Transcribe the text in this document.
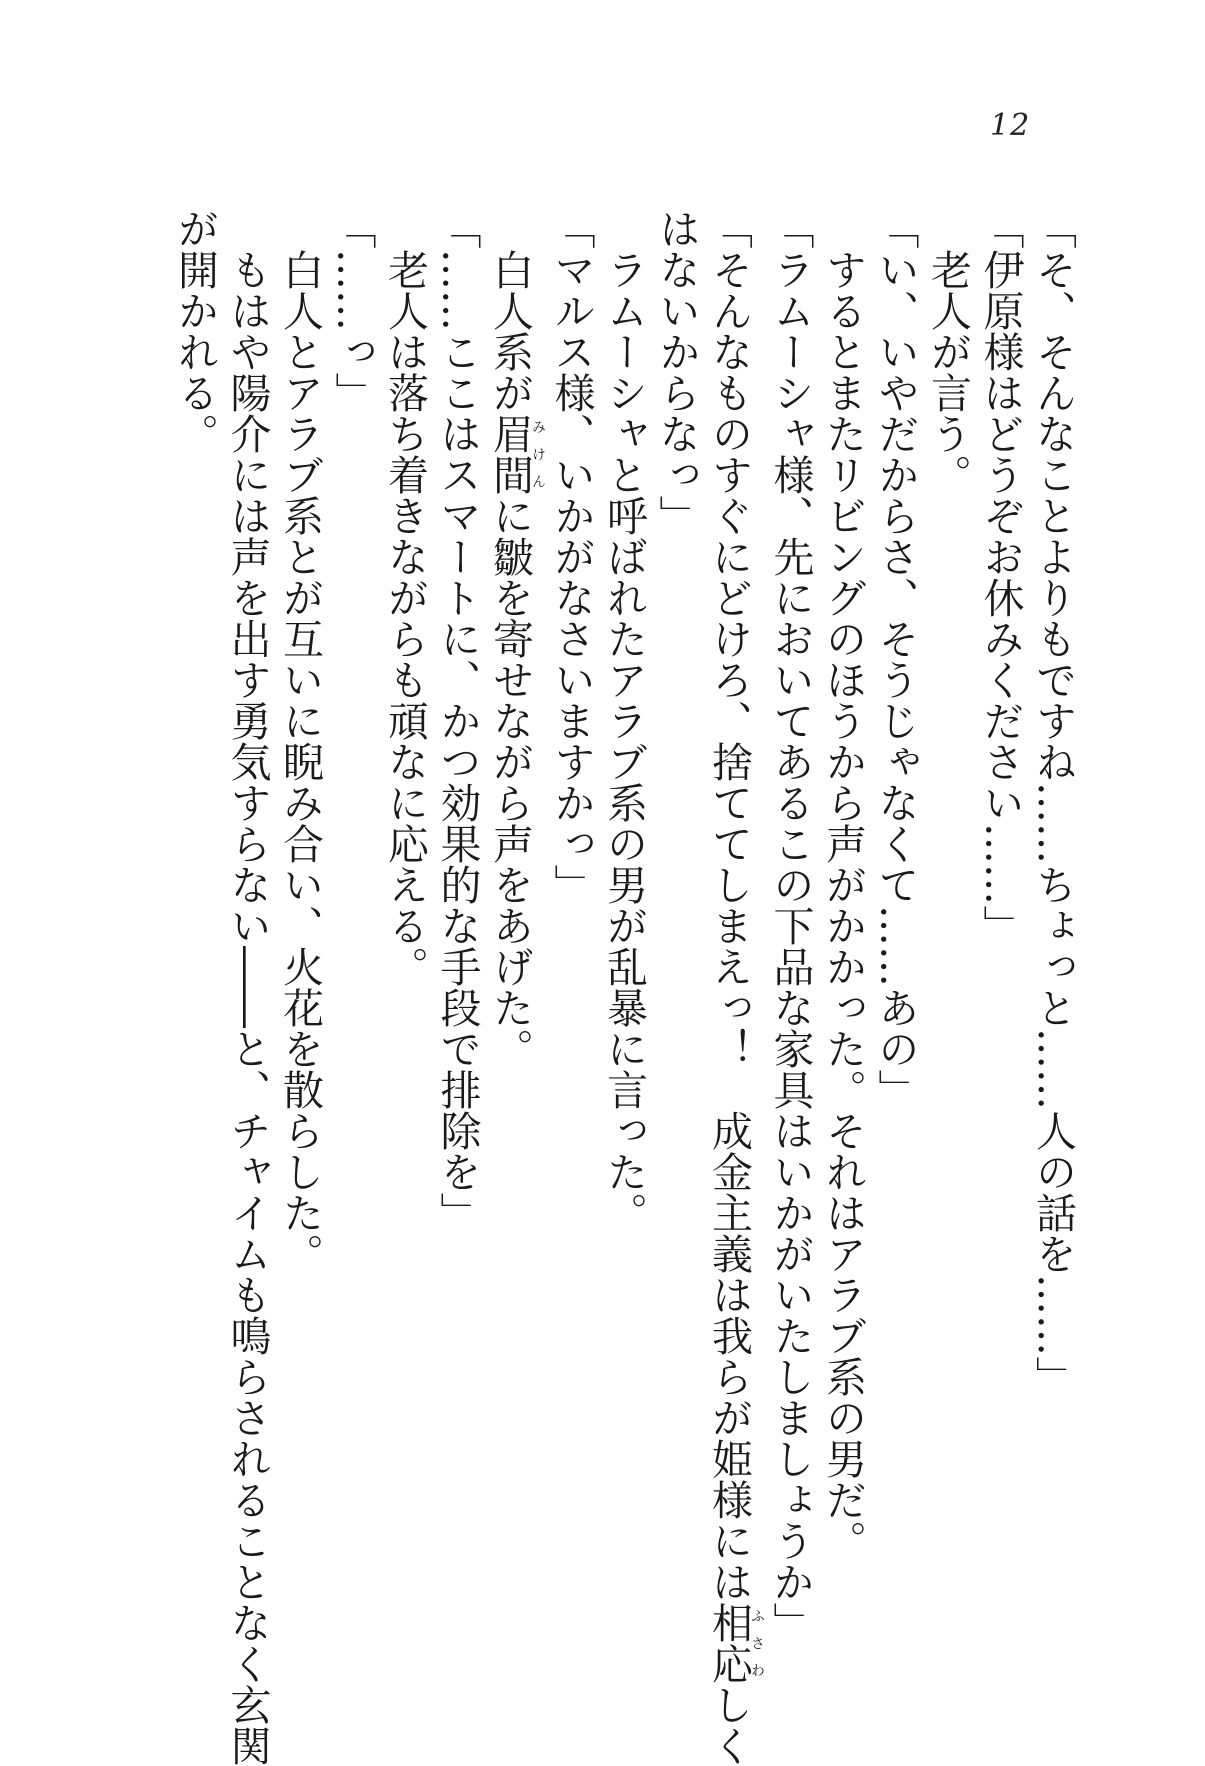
12
「そ、そんなことよりもですね……ちょっと……人の話を……」
「伊原様はどうぞお休みください……」
　老人が言う。
「い、いやだからさ、そうじゃなくて……あの」
　するとまたリビングのほうから声がかかった。それはアラブ系の男だ。
「ラムーシャ様、先においてあるこの下品な家具はいかがいたしましょうか」
「そんなものすぐにどけろ、捨ててしまえっ！　成金主義は我らが姫様には相応ふさわしく
はないからなっ」
　ラムーシャと呼ばれたアラブ系の男が乱暴に言った。
「マルス様、いかがなさいますかっ」
　白人系が眉間みけんに皺を寄せながら声をあげた。
「……ここはスマートに、かつ効果的な手段で排除を」
　老人は落ち着きながらも頑なに応える。
「……っ」
　白人とアラブ系とが互いに睨み合い、火花を散らした。
　もはや陽介には声を出す勇気すらない――と、チャイムも鳴らされることなく玄関
が開かれる。
